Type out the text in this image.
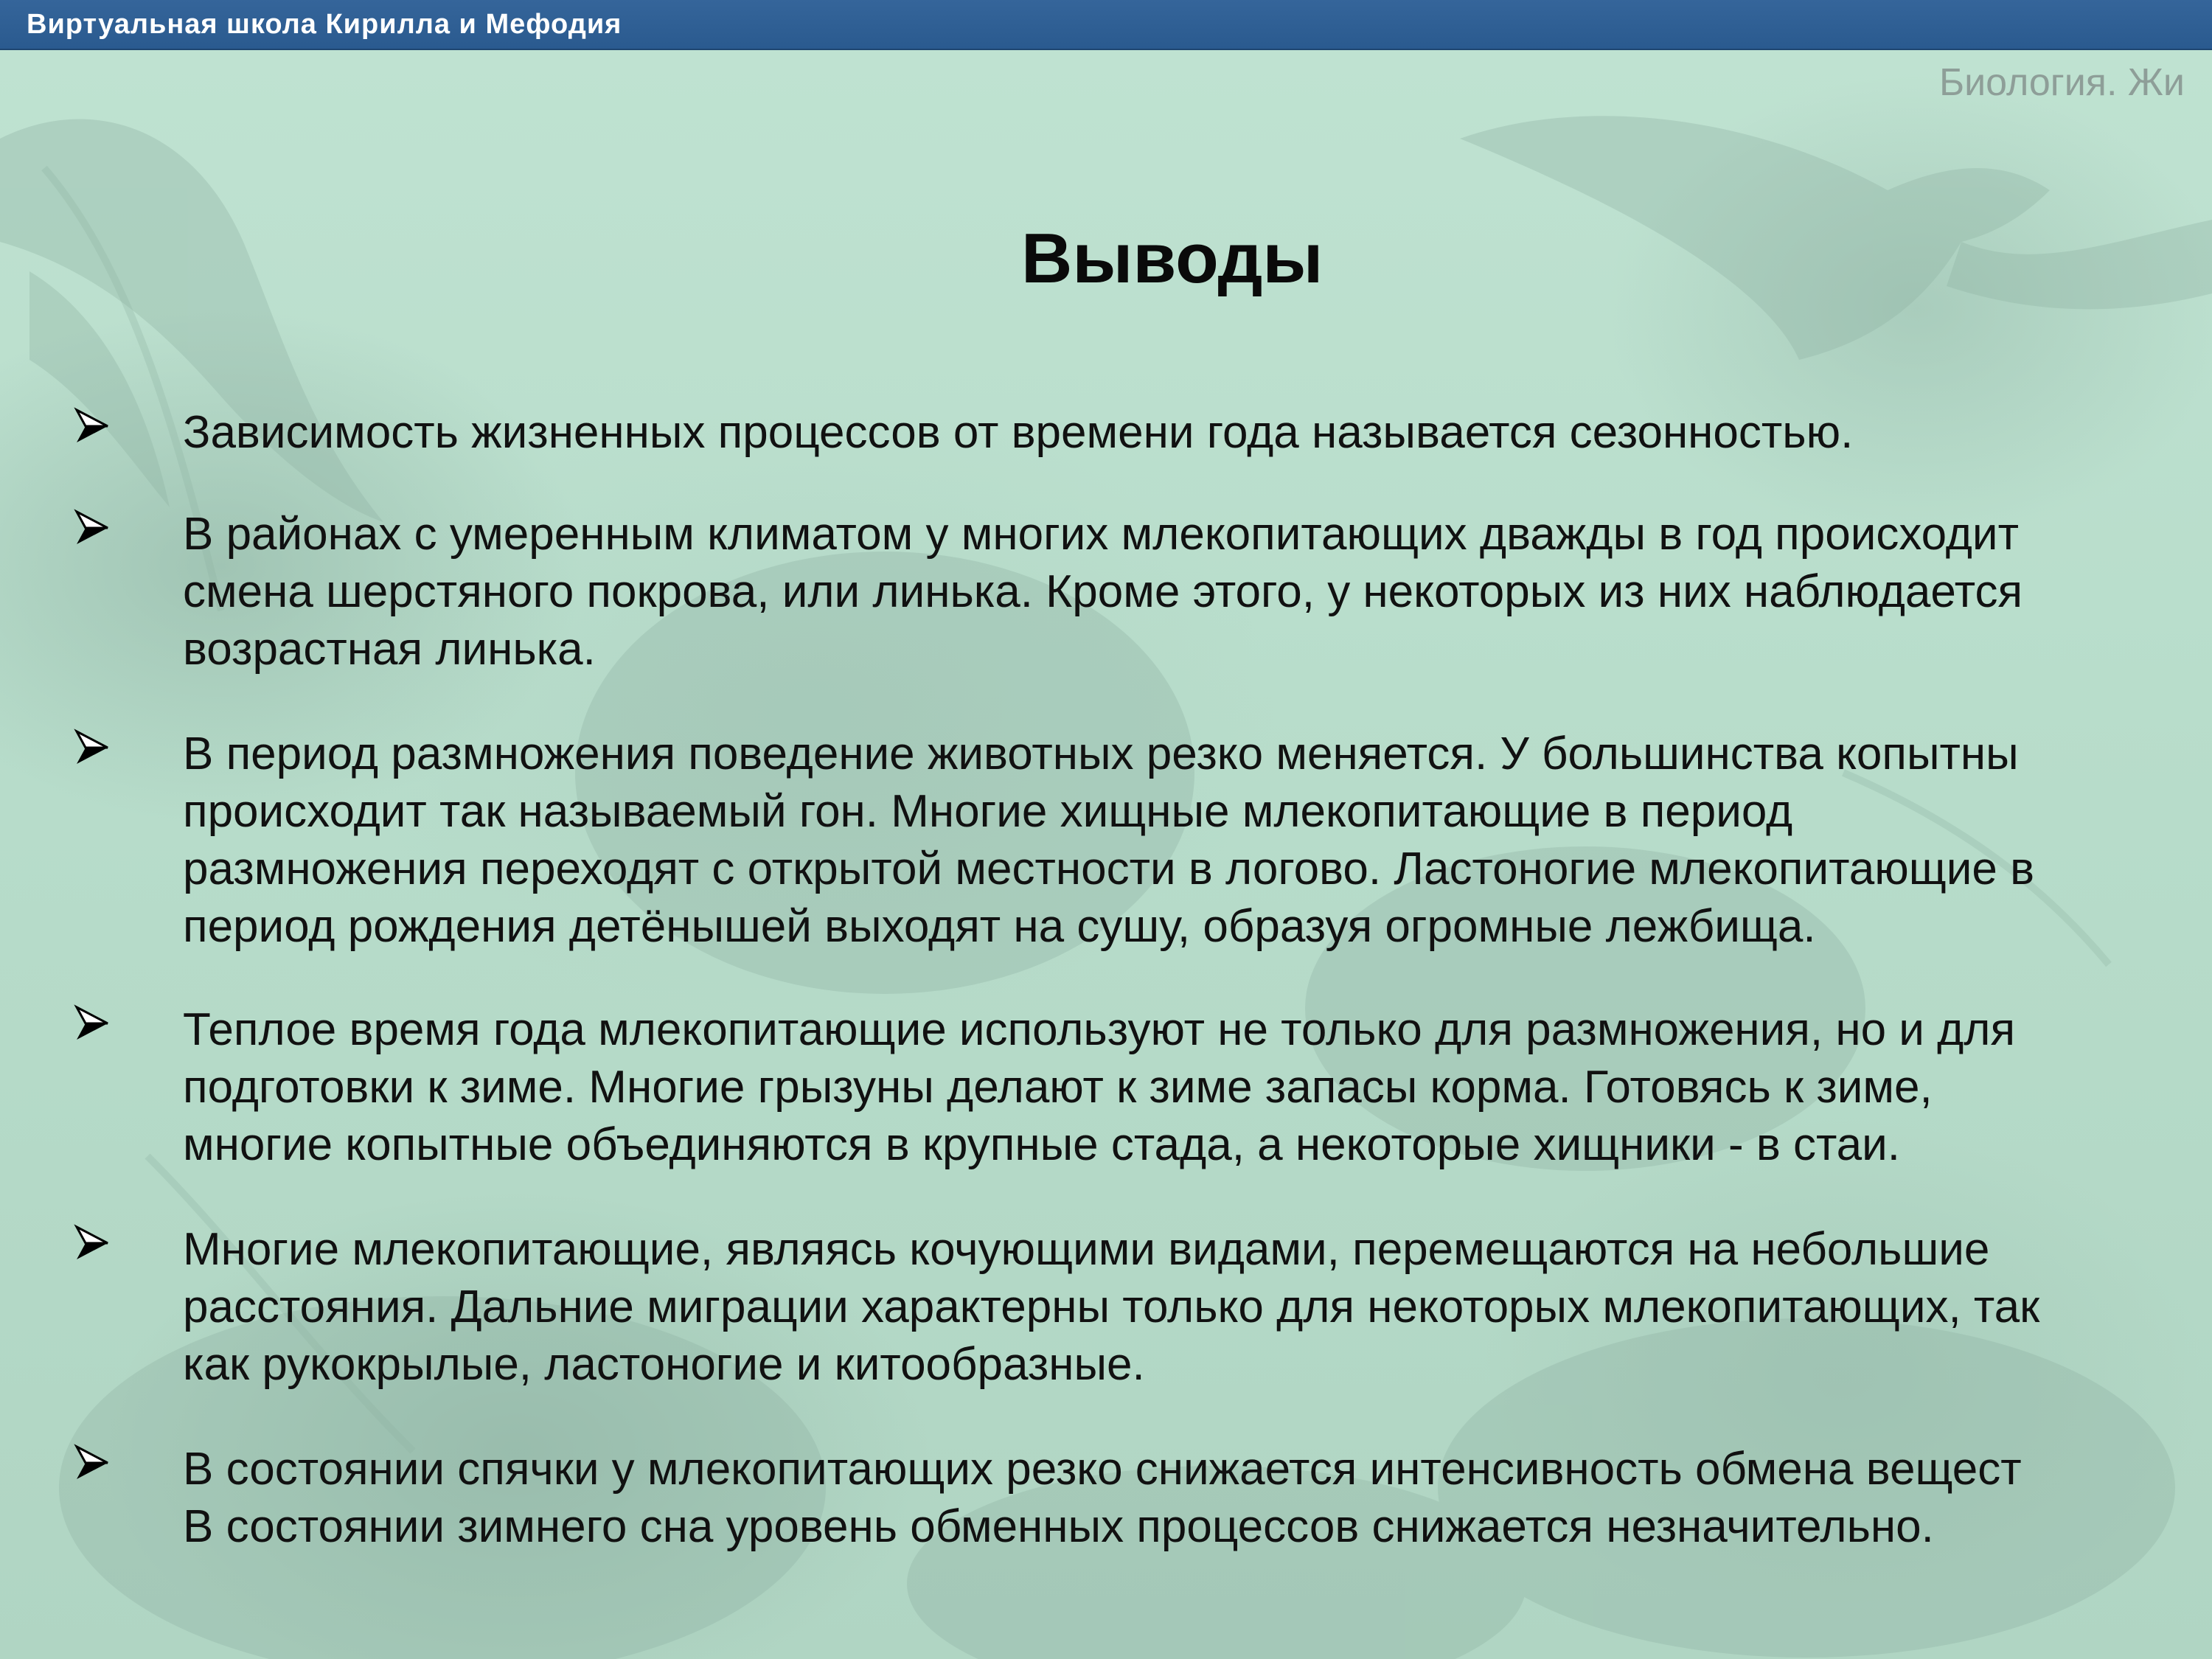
Виртуальная школа Кирилла и Мефодия
Биология. Жи
Выводы
Зависимость жизненных процессов от времени года называется сезонностью.
В районах с умеренным климатом у многих млекопитающих дважды в год происходит
смена шерстяного покрова, или линька. Кроме этого, у некоторых из них наблюдается
возрастная линька.
В период размножения поведение животных резко меняется. У большинства копытны
происходит так называемый гон. Многие хищные млекопитающие в период
размножения переходят с открытой местности в логово. Ластоногие млекопитающие в
период рождения детёнышей выходят на сушу, образуя огромные лежбища.
Теплое время года млекопитающие используют не только для размножения, но и для
подготовки к зиме. Многие грызуны делают к зиме запасы корма. Готовясь к зиме,
многие копытные объединяются в крупные стада, а некоторые хищники - в стаи.
Многие млекопитающие, являясь кочующими видами, перемещаются на небольшие
расстояния. Дальние миграции характерны только для некоторых млекопитающих, так
как рукокрылые, ластоногие и китообразные.
В состоянии спячки у млекопитающих резко снижается интенсивность обмена вещест
В состоянии зимнего сна уровень обменных процессов снижается незначительно.
